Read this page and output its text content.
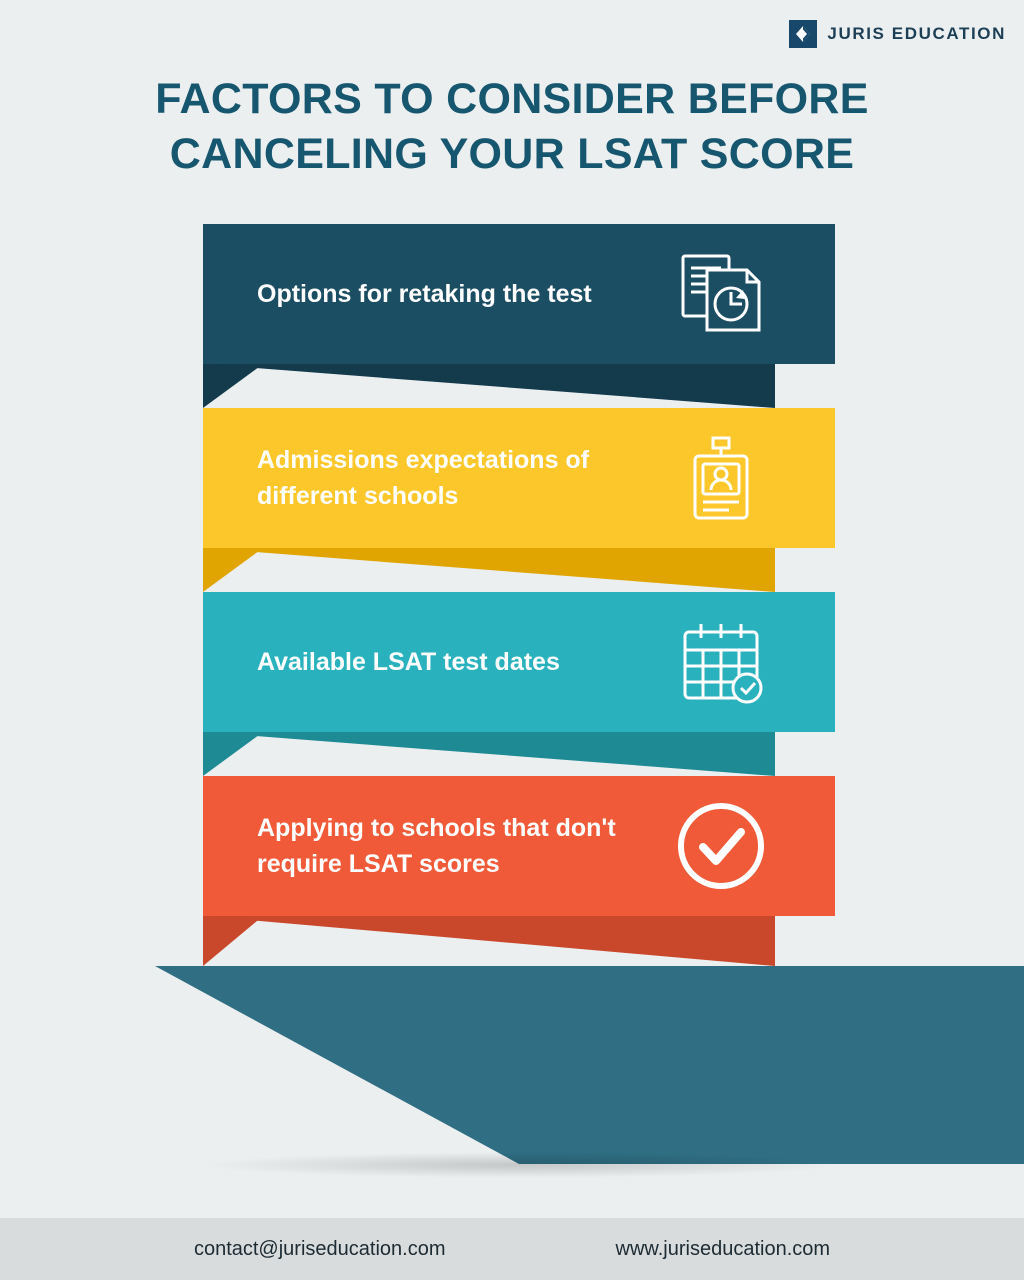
JURIS EDUCATION
FACTORS TO CONSIDER BEFORE
CANCELING YOUR LSAT SCORE
Options for retaking the test
Admissions expectations of different schools
Available LSAT test dates
Applying to schools that don't require LSAT scores
contact@juriseducation.com	www.juriseducation.com
